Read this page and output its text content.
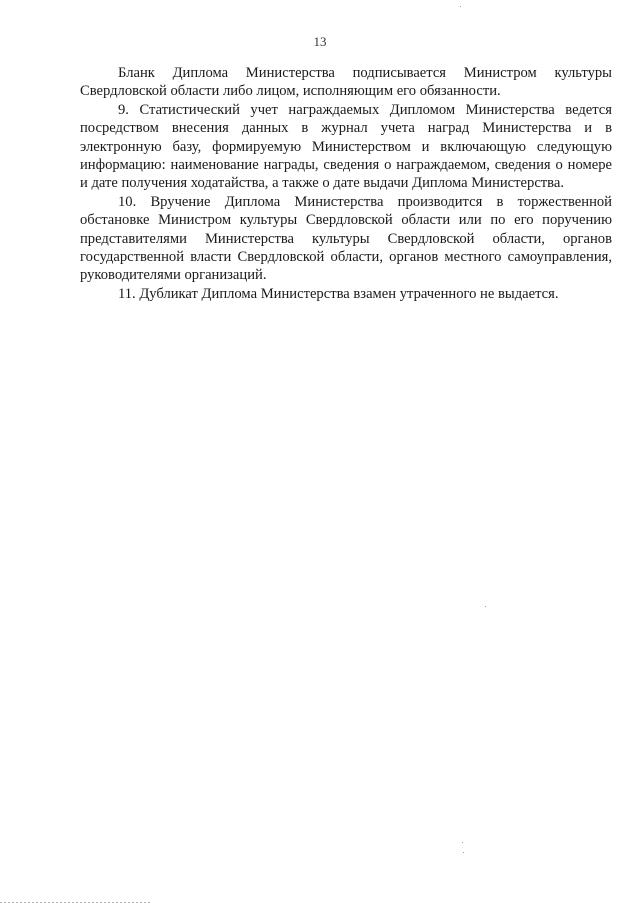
13

Бланк Диплома Министерства подписывается Министром культуры Свердловской области либо лицом, исполняющим его обязанности.

9. Статистический учет награждаемых Дипломом Министерства ведется посредством внесения данных в журнал учета наград Министерства и в электронную базу, формируемую Министерством и включающую следующую информацию: наименование награды, сведения о награждаемом, сведения о номере и дате получения ходатайства, а также о дате выдачи Диплома Министерства.

10. Вручение Диплома Министерства производится в торжественной обстановке Министром культуры Свердловской области или по его поручению представителями Министерства культуры Свердловской области, органов государственной власти Свердловской области, органов местного самоуправления, руководителями организаций.

11. Дубликат Диплома Министерства взамен утраченного не выдается.
